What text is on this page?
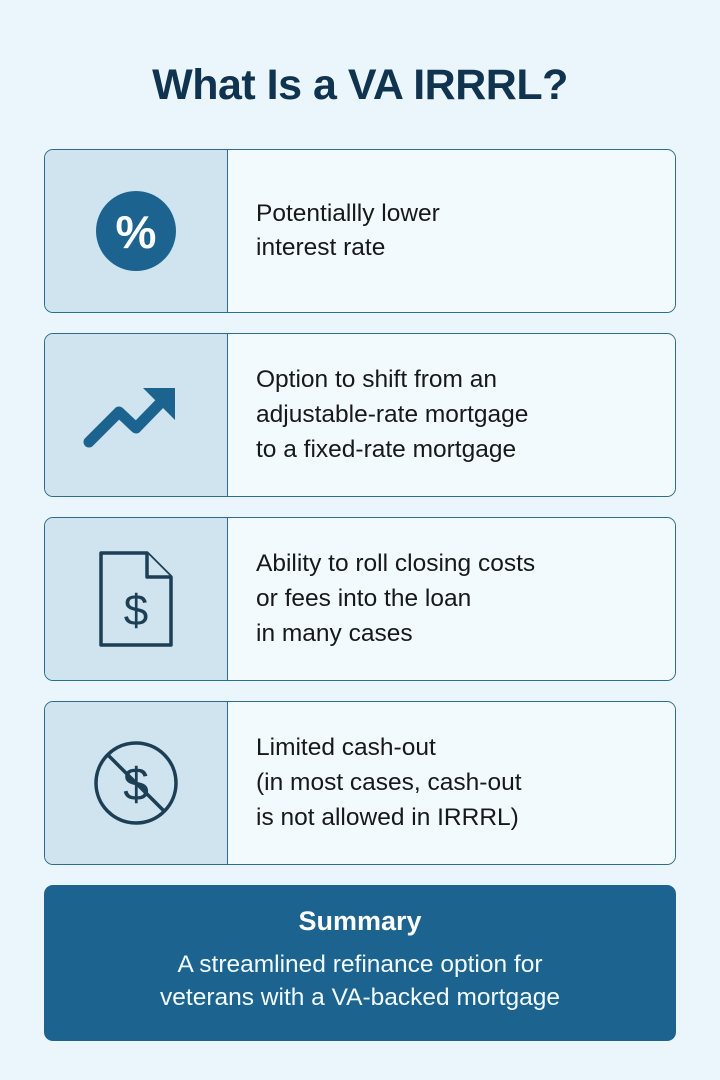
What Is a VA IRRRL?
%	Potentiallly lower
interest rate

Option to shift from an
adjustable-rate mortgage
to a fixed-rate mortgage

$

Ability to roll closing costs
or fees into the loan
in many cases

$

Limited cash-out
(in most cases, cash-out
is not allowed in IRRRL)

Summary

A streamlined refinance option for
veterans with a VA-backed mortgage
